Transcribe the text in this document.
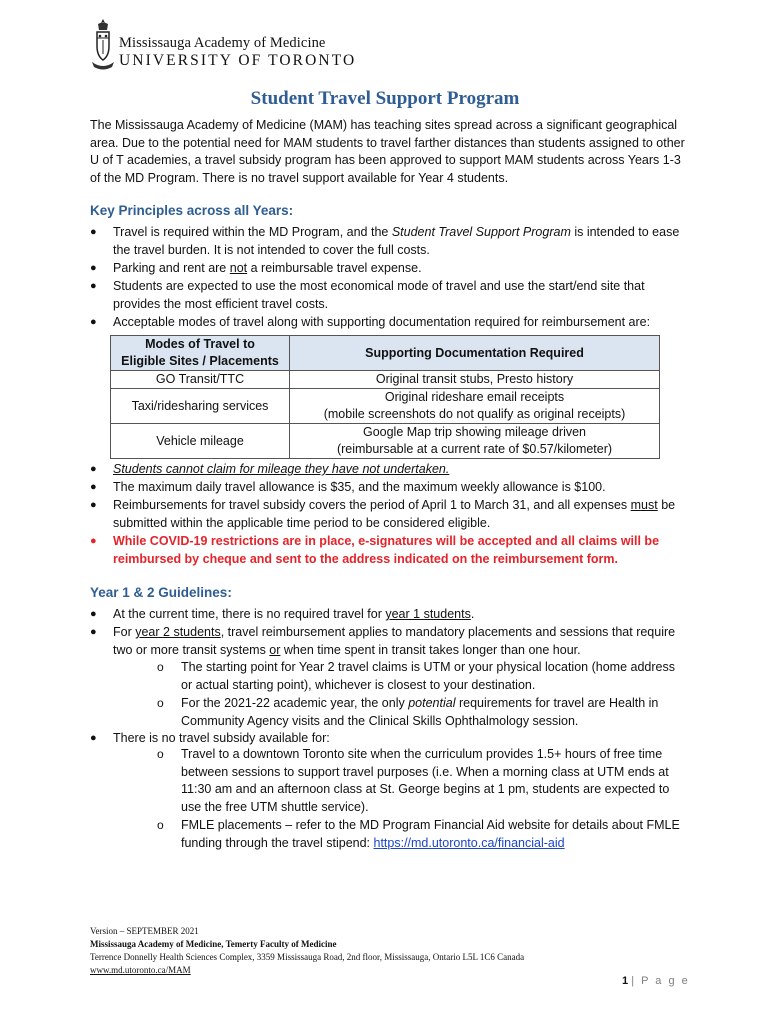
Mississauga Academy of Medicine
UNIVERSITY OF TORONTO
Student Travel Support Program
The Mississauga Academy of Medicine (MAM) has teaching sites spread across a significant geographical area. Due to the potential need for MAM students to travel farther distances than students assigned to other U of T academies, a travel subsidy program has been approved to support MAM students across Years 1-3 of the MD Program. There is no travel support available for Year 4 students.
Key Principles across all Years:
●	Travel is required within the MD Program, and the Student Travel Support Program is intended to ease the travel burden. It is not intended to cover the full costs.
●	Parking and rent are not a reimbursable travel expense.
●	Students are expected to use the most economical mode of travel and use the start/end site that provides the most efficient travel costs.
●	Acceptable modes of travel along with supporting documentation required for reimbursement are:
Modes of Travel to
Eligible Sites / Placements	Supporting Documentation Required
GO Transit/TTC	Original transit stubs, Presto history
Taxi/ridesharing services	Original rideshare email receipts
(mobile screenshots do not qualify as original receipts)
Vehicle mileage	Google Map trip showing mileage driven
(reimbursable at a current rate of $0.57/kilometer)
●	Students cannot claim for mileage they have not undertaken.
●	The maximum daily travel allowance is $35, and the maximum weekly allowance is $100.
●	Reimbursements for travel subsidy covers the period of April 1 to March 31, and all expenses must be submitted within the applicable time period to be considered eligible.
●	While COVID-19 restrictions are in place, e-signatures will be accepted and all claims will be reimbursed by cheque and sent to the address indicated on the reimbursement form.
Year 1 & 2 Guidelines:
●	At the current time, there is no required travel for year 1 students.
●	For year 2 students, travel reimbursement applies to mandatory placements and sessions that require two or more transit systems or when time spent in transit takes longer than one hour.
o The starting point for Year 2 travel claims is UTM or your physical location (home address or actual starting point), whichever is closest to your destination.
o For the 2021-22 academic year, the only potential requirements for travel are Health in Community Agency visits and the Clinical Skills Ophthalmology session.
●	There is no travel subsidy available for:
o Travel to a downtown Toronto site when the curriculum provides 1.5+ hours of free time between sessions to support travel purposes (i.e. When a morning class at UTM ends at 11:30 am and an afternoon class at St. George begins at 1 pm, students are expected to use the free UTM shuttle service).
o FMLE placements – refer to the MD Program Financial Aid website for details about FMLE funding through the travel stipend: https://md.utoronto.ca/financial-aid
Version – SEPTEMBER 2021
Mississauga Academy of Medicine, Temerty Faculty of Medicine
Terrence Donnelly Health Sciences Complex, 3359 Mississauga Road, 2nd floor, Mississauga, Ontario L5L 1C6 Canada
www.md.utoronto.ca/MAM
1 | P a g e
